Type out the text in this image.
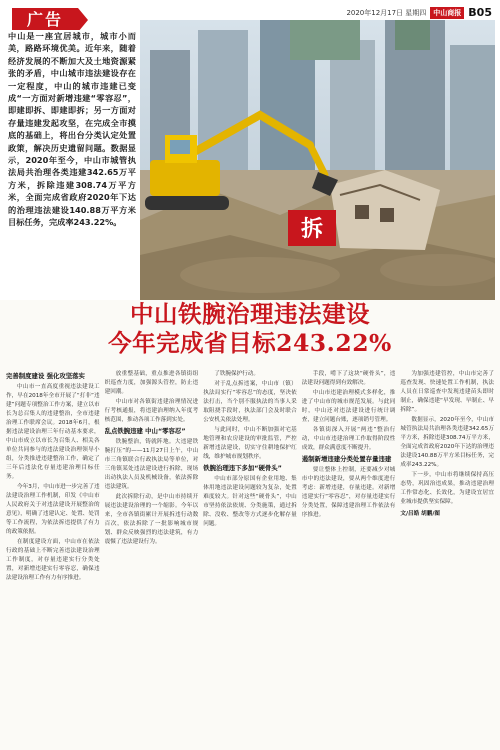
广告	2020年12月17日 星期四	中山商报 B05
中山是一座宜居城市，城市小而美，路路环境优美。近年来，随着经济发展的不断加大及土地资源紧张的矛盾，中山城市违法建设存在一定程度，中山的城市违建已变成“一方面对新增违建“零容忍”，即建即拆、即建即拆；另一方面对存量违建发起攻坚，在完成全市摸底的基础上，将出台分类认定处置政策，解决历史遗留问题。数据显示，2020年至今，中山市城管执法局共治理各类违建342.65万平方米，拆除违建308.74万平方米，全面完成省政府2020年下达的治理违法建设140.88万平方米目标任务，完成率243.22%。	拆
中山铁腕治理违法建设
今年完成省目标243.22%
完善制度建设 强化攻坚落实

中山市一直高度重视违法建设工作，早在2018年全市开展了“打非”违建”问题专项整治工作方案，建立以市长为总召集人的违建整治，全市违建治理工作联席会议。2018年6月，根据违法建设治理三年行动基本要求，中山市成立以市长为召集人、相关各单位共同参与的违法建设治理领导小组，分类推进违建整治工作，确定了三年后违法化存量违建治理目标任务。

今年3月，中山市进一步完善了违法建设治理工作机制，印发《中山市人民政府关于对违法建设开展整治的意见》，明确了违建认定、处置、处罚等工作流程，为依法拆违提供了有力的政策依据。

在制度建设方面，中山市在依法行政的基础上不断完善违法建设治理工作制度，对存量违建实行分类处置，对新增违建实行零容忍，确保违法建设治理工作有力有序推进。

放重整基础，重点推进各镇街组织巡查力度，加强源头管控，防止违建回潮。

中山市对各镇街违建治理情况进行考核通报，将违建治理纳入年度考核范围，推动各项工作落到实处。

乱点铁腕违建 中山“零容忍”

铁腕整治，铸就阵地。大违建铁腕打压”的——11月27日上午，中山市三角镇联合行政执法局等单位，对三角镇某处违法建设进行拆除，现场出动执法人员及机械设备，依法拆除违法建筑。

此次拆除行动，是中山市持续开展违法建设治理的一个缩影。今年以来，全市各镇街累计开展拆违行动数百次，依法拆除了一批影响城市规划、群众反映强烈的违法建筑，有力震慑了违法建设行为。

了铁腕保护行动。

对于乱点拆违案，中山市（镇）执法局实行“零容忍”的态度，坚决依法打击，当个别不服执法的当事人采取阻挠手段时，执法部门会及时联合公安机关依法处理。

与此同时，中山不断加强对宅基地管理和农房建设的审批监管，严控新增违法建设，切实守住耕地保护红线，维护城市规划秩序。

铁腕治理违下多加“硬骨头”

中山市部分原国有企业用地、集体用地违法建设问题较为复杂，处置难度较大。针对这些“硬骨头”，中山市坚持依法依规、分类施策，通过拆除、没收、整改等方式逐步化解存量问题。

手段，啃下了这块“硬骨头”，违法建设问题得到有效解决。

中山市违建治理模式多样化，推进了中山市的城市规范发展。与此同时，中山还对违法建设进行统计调查，建立问题台账，逐项销号管理。

各镇街深入开展“两违”整治行动，中山市违建治理工作取得阶段性成效，群众满意度不断提升。

遏制新增违建分类处置存量违建

要让整体上控制，还要减少对城市中的违法建设，要从两个维度进行考虑：新增违建，存量违建。对新增违建实行“零容忍”，对存量违建实行分类处置，保障违建治理工作依法有序推进。

为加强违建管控，中山市完善了巡查发现、快速处置工作机制，执法人员在日常巡查中发现违建苗头即时制止，确保违建“早发现、早制止、早拆除”。

数据显示，2020年至今，中山市城管执法局共治理各类违建342.65万平方米，拆除违建308.74万平方米，全面完成省政府2020年下达的治理违法建设140.88万平方米目标任务，完成率243.22%。

下一步，中山市将继续保持高压态势，巩固治违成果，推动违建治理工作常态化、长效化，为建设宜居宜业城市提供坚实保障。

文/吕皓 胡鹏/图
